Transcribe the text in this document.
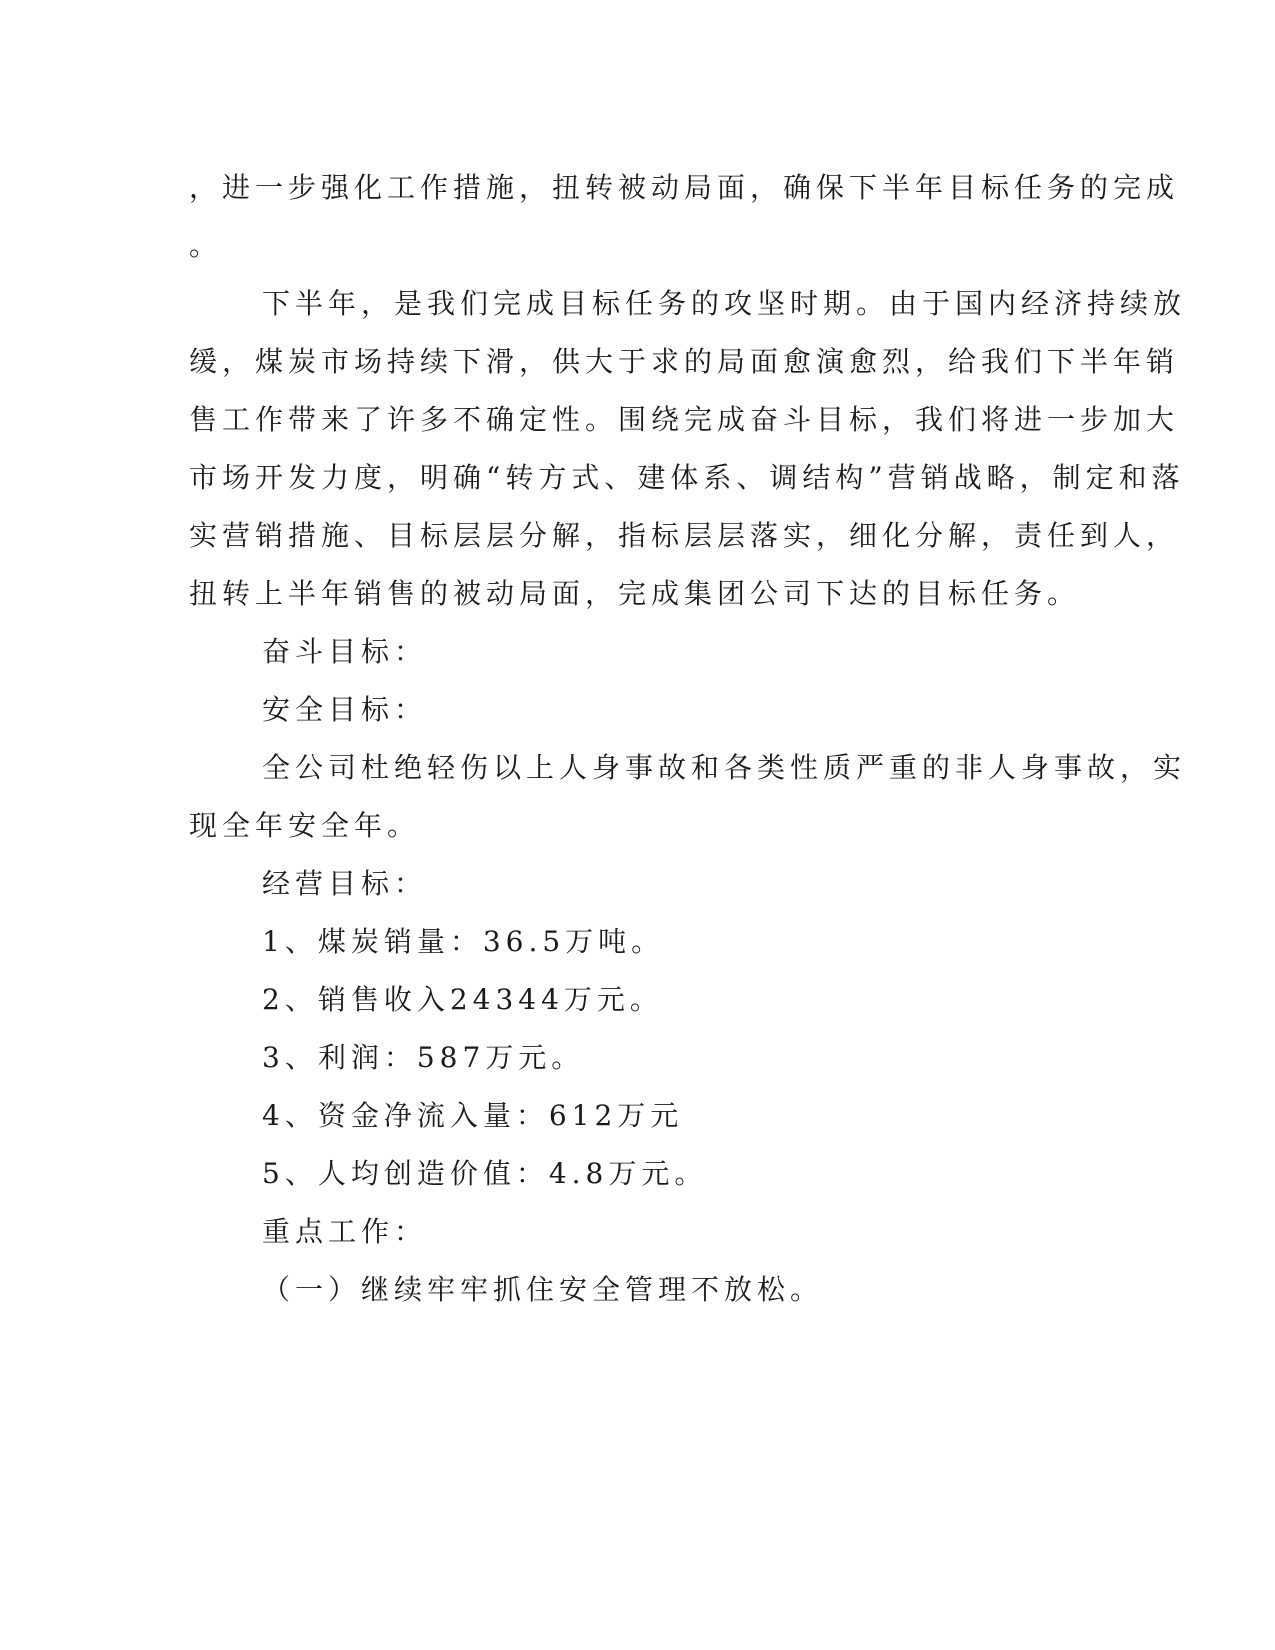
，进一步强化工作措施，扭转被动局面，确保下半年目标任务的完成
。
下半年，是我们完成目标任务的攻坚时期。由于国内经济持续放
缓，煤炭市场持续下滑，供大于求的局面愈演愈烈，给我们下半年销
售工作带来了许多不确定性。围绕完成奋斗目标，我们将进一步加大
市场开发力度，明确“转方式、建体系、调结构”营销战略，制定和落
实营销措施、目标层层分解，指标层层落实，细化分解，责任到人，
扭转上半年销售的被动局面，完成集团公司下达的目标任务。
奋斗目标：
安全目标：
全公司杜绝轻伤以上人身事故和各类性质严重的非人身事故，实
现全年安全年。
经营目标：
1、煤炭销量：36.5万吨。
2、销售收入24344万元。
3、利润：587万元。
4、资金净流入量：612万元
5、人均创造价值：4.8万元。
重点工作：
（一）继续牢牢抓住安全管理不放松。
